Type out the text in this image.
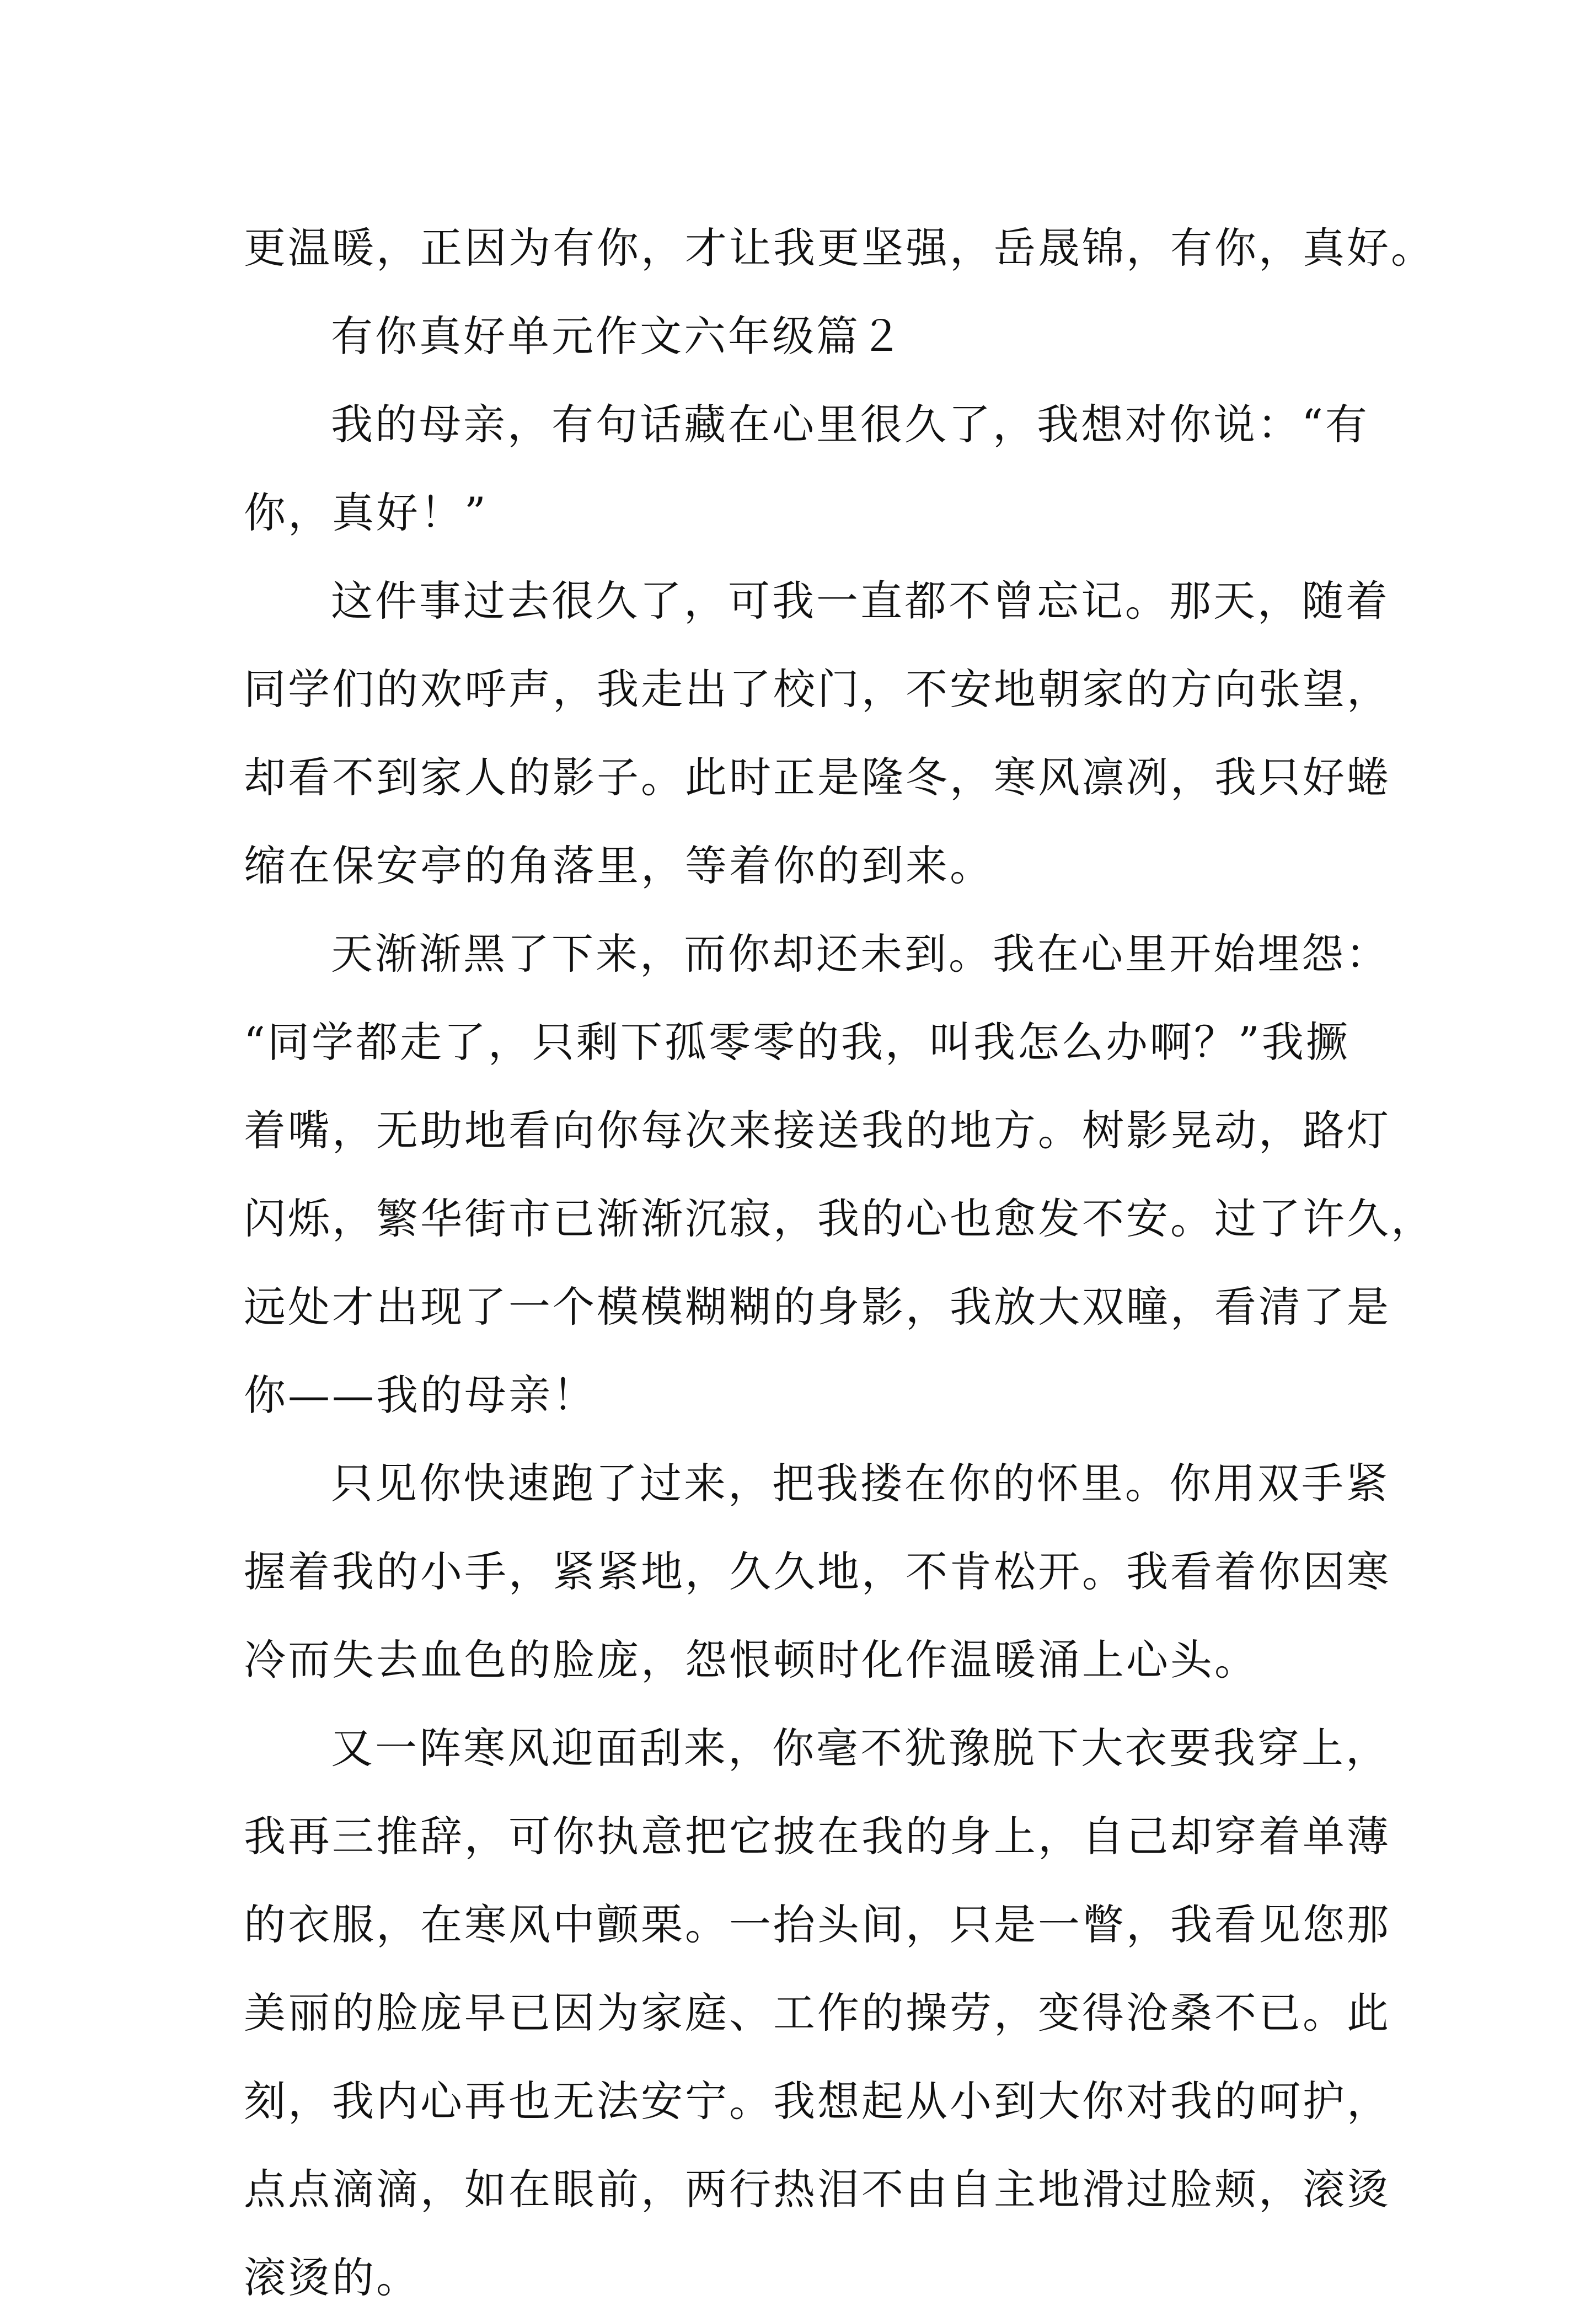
更温暖，正因为有你，才让我更坚强，岳晟锦，有你，真好。
有你真好单元作文六年级篇２
我的母亲，有句话藏在心里很久了，我想对你说：“有
你，真好！”
这件事过去很久了，可我一直都不曾忘记。那天，随着
同学们的欢呼声，我走出了校门，不安地朝家的方向张望，
却看不到家人的影子。此时正是隆冬，寒风凛冽，我只好蜷
缩在保安亭的角落里，等着你的到来。
天渐渐黑了下来，而你却还未到。我在心里开始埋怨：
“同学都走了，只剩下孤零零的我，叫我怎么办啊？”我撅
着嘴，无助地看向你每次来接送我的地方。树影晃动，路灯
闪烁，繁华街市已渐渐沉寂，我的心也愈发不安。过了许久，
远处才出现了一个模模糊糊的身影，我放大双瞳，看清了是
你——我的母亲！
只见你快速跑了过来，把我搂在你的怀里。你用双手紧
握着我的小手，紧紧地，久久地，不肯松开。我看着你因寒
冷而失去血色的脸庞，怨恨顿时化作温暖涌上心头。
又一阵寒风迎面刮来，你毫不犹豫脱下大衣要我穿上，
我再三推辞，可你执意把它披在我的身上，自己却穿着单薄
的衣服，在寒风中颤栗。一抬头间，只是一瞥，我看见您那
美丽的脸庞早已因为家庭、工作的操劳，变得沧桑不已。此
刻，我内心再也无法安宁。我想起从小到大你对我的呵护，
点点滴滴，如在眼前，两行热泪不由自主地滑过脸颊，滚烫
滚烫的。
